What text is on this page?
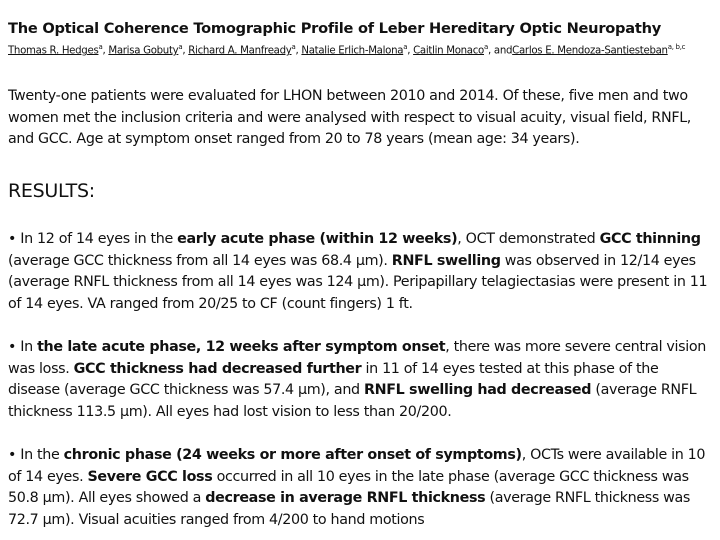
The Optical Coherence Tomographic Profile of Leber Hereditary Optic Neuropathy
Thomas R. Hedges$^a$, Marisa Gobuty$^a$, Richard A. Manfready$^a$, Natalie Erlich-Malona$^a$, Caitlin Monaco$^a$, andCarlos E. Mendoza-Santiesteban$^{a, b,c}$
Twenty-one patients were evaluated for LHON between 2010 and 2014. Of these, five men and two women met the inclusion criteria and were analysed with respect to visual acuity, visual field, RNFL, and GCC. Age at symptom onset ranged from 20 to 78 years (mean age: 34 years).
RESULTS:
• In 12 of 14 eyes in the early acute phase (within 12 weeks), OCT demonstrated GCC thinning (average GCC thickness from all 14 eyes was 68.4 μm). RNFL swelling was observed in 12/14 eyes (average RNFL thickness from all 14 eyes was 124 μm). Peripapillary telagiectasias were present in 11 of 14 eyes. VA ranged from 20/25 to CF (count fingers) 1 ft.
• In the late acute phase, 12 weeks after symptom onset, there was more severe central vision was loss. GCC thickness had decreased further in 11 of 14 eyes tested at this phase of the disease (average GCC thickness was 57.4 μm), and RNFL swelling had decreased (average RNFL thickness 113.5 μm). All eyes had lost vision to less than 20/200.
• In the chronic phase (24 weeks or more after onset of symptoms), OCTs were available in 10 of 14 eyes. Severe GCC loss occurred in all 10 eyes in the late phase (average GCC thickness was 50.8 μm). All eyes showed a decrease in average RNFL thickness (average RNFL thickness was 72.7 μm). Visual acuities ranged from 4/200 to hand motions
